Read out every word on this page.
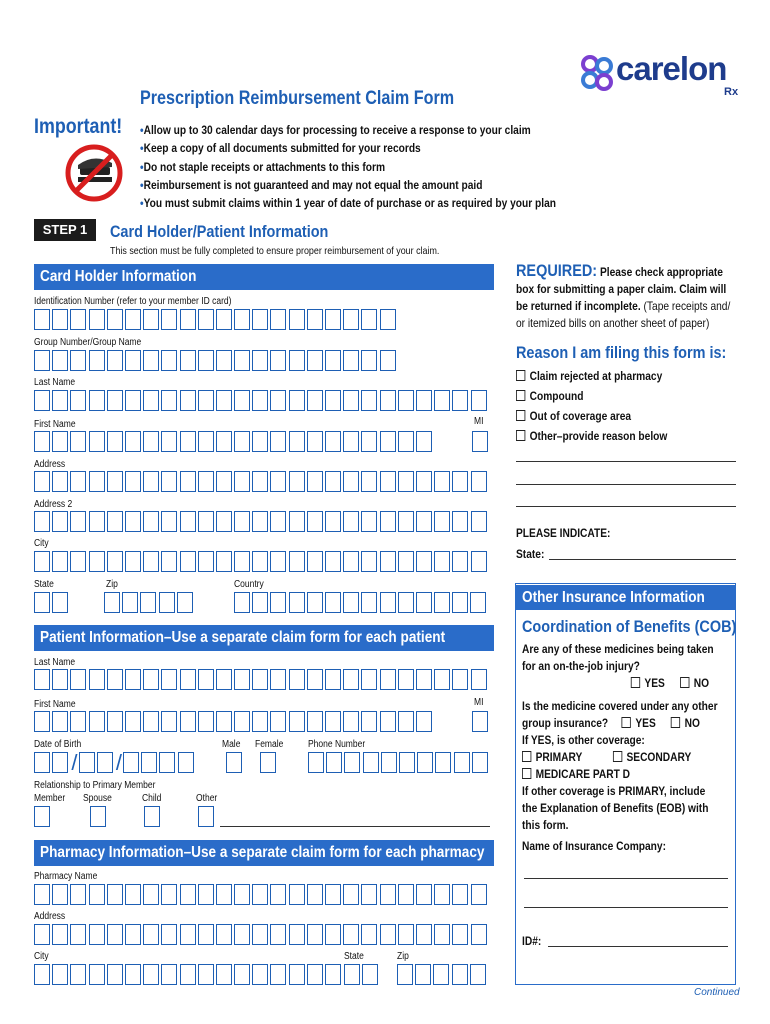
carelon
Rx
Prescription Reimbursement Claim Form
Important!
• Allow up to 30 calendar days for processing to receive a response to your claim
• Keep a copy of all documents submitted for your records
• Do not staple receipts or attachments to this form
• Reimbursement is not guaranteed and may not equal the amount paid
• You must submit claims within 1 year of date of purchase or as required by your plan
STEP 1	Card Holder/Patient Information
This section must be fully completed to ensure proper reimbursement of your claim.
Card Holder Information
Identification Number (refer to your member ID card)
Group Number/Group Name
Last Name
First Name	MI
Address
Address 2
City
State	Zip	Country
Patient Information–Use a separate claim form for each patient
Last Name
First Name	MI
Date of Birth	Male Female Phone Number
/ /
Relationship to Primary Member
Member Spouse	Child	Other
Pharmacy Information–Use a separate claim form for each pharmacy
Pharmacy Name
Address
City	State	Zip
REQUIRED: Please check appropriate
box for submitting a paper claim. Claim will
be returned if incomplete. (Tape receipts and/
or itemized bills on another sheet of paper)
Reason I am filing this form is:
Claim rejected at pharmacy
Compound
Out of coverage area
Other–provide reason below
PLEASE INDICATE:
State:
Other Insurance Information
Coordination of Benefits (COB)
Are any of these medicines being taken
for an on-the-job injury?
YES NO
Is the medicine covered under any other
group insurance? YES NO
If YES, is other coverage:
PRIMARY	SECONDARY
MEDICARE PART D
If other coverage is PRIMARY, include
the Explanation of Benefits (EOB) with
this form.
Name of Insurance Company:
ID#:
Continued
